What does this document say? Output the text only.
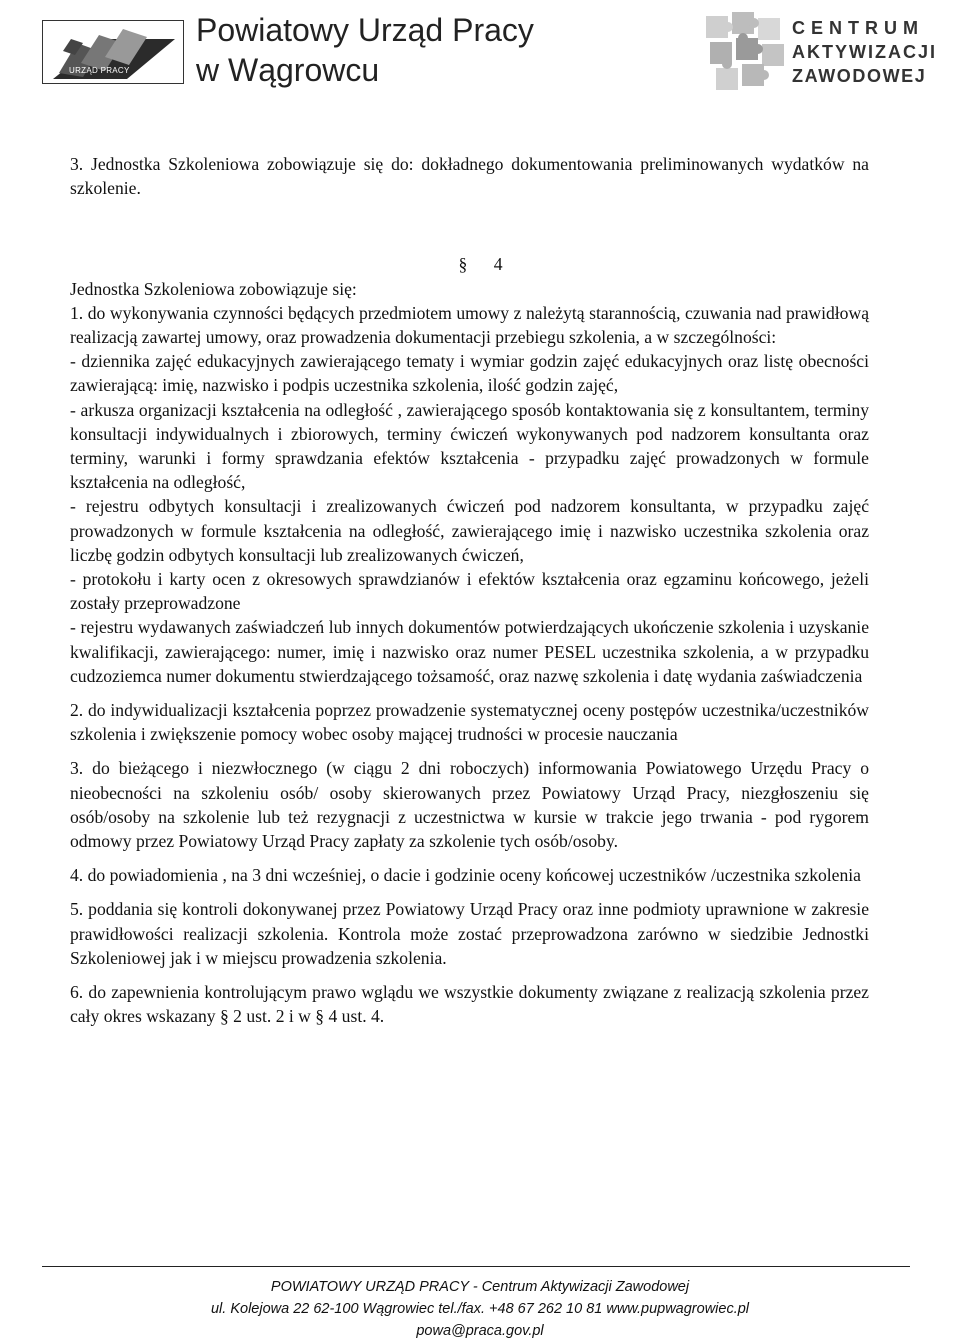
URZĄD PRACY
Powiatowy Urząd Pracy
w Wągrowcu
CENTRUM
AKTYWIZACJI
ZAWODOWEJ

3. Jednostka Szkoleniowa zobowiązuje się do: dokładnego dokumentowania preliminowanych wydatków na szkolenie.

§ 4

Jednostka Szkoleniowa zobowiązuje się:

1. do wykonywania czynności będących przedmiotem umowy z należytą starannością, czuwania nad prawidłową realizacją zawartej umowy, oraz prowadzenia dokumentacji przebiegu szkolenia, a w szczególności:

- dziennika zajęć edukacyjnych zawierającego tematy i wymiar godzin zajęć edukacyjnych oraz listę obecności zawierającą: imię, nazwisko i podpis uczestnika szkolenia, ilość godzin zajęć,

- arkusza organizacji kształcenia na odległość , zawierającego sposób kontaktowania się z konsultantem, terminy konsultacji indywidualnych i zbiorowych, terminy ćwiczeń wykonywanych pod nadzorem konsultanta oraz terminy, warunki i formy sprawdzania efektów kształcenia - przypadku zajęć prowadzonych w formule kształcenia na odległość,

- rejestru odbytych konsultacji i zrealizowanych ćwiczeń pod nadzorem konsultanta, w przypadku zajęć prowadzonych w formule kształcenia na odległość, zawierającego imię i nazwisko uczestnika szkolenia oraz liczbę godzin odbytych konsultacji lub zrealizowanych ćwiczeń,

- protokołu i karty ocen z okresowych sprawdzianów i efektów kształcenia oraz egzaminu końcowego, jeżeli zostały przeprowadzone

- rejestru wydawanych zaświadczeń lub innych dokumentów potwierdzających ukończenie szkolenia i uzyskanie kwalifikacji, zawierającego: numer, imię i nazwisko oraz numer PESEL uczestnika szkolenia, a w przypadku cudzoziemca numer dokumentu stwierdzającego tożsamość, oraz nazwę szkolenia i datę wydania zaświadczenia

2. do indywidualizacji kształcenia poprzez prowadzenie systematycznej oceny postępów uczestnika/uczestników szkolenia i zwiększenie pomocy wobec osoby mającej trudności w procesie nauczania

3. do bieżącego i niezwłocznego (w ciągu 2 dni roboczych) informowania Powiatowego Urzędu Pracy o nieobecności na szkoleniu osób/ osoby skierowanych przez Powiatowy Urząd Pracy, niezgłoszeniu się osób/osoby na szkolenie lub też rezygnacji z uczestnictwa w kursie w trakcie jego trwania - pod rygorem odmowy przez Powiatowy Urząd Pracy zapłaty za szkolenie tych osób/osoby.

4. do powiadomienia , na 3 dni wcześniej, o dacie i godzinie oceny końcowej uczestników /uczestnika szkolenia

5. poddania się kontroli dokonywanej przez Powiatowy Urząd Pracy oraz inne podmioty uprawnione w zakresie prawidłowości realizacji szkolenia. Kontrola może zostać przeprowadzona zarówno w siedzibie Jednostki Szkoleniowej jak i w miejscu prowadzenia szkolenia.

6. do zapewnienia kontrolującym prawo wglądu we wszystkie dokumenty związane z realizacją szkolenia przez cały okres wskazany § 2 ust. 2 i w § 4 ust. 4.

POWIATOWY URZĄD PRACY - Centrum Aktywizacji Zawodowej
ul. Kolejowa 22 62-100 Wągrowiec tel./fax. +48 67 262 10 81 www.pupwagrowiec.pl
powa@praca.gov.pl
